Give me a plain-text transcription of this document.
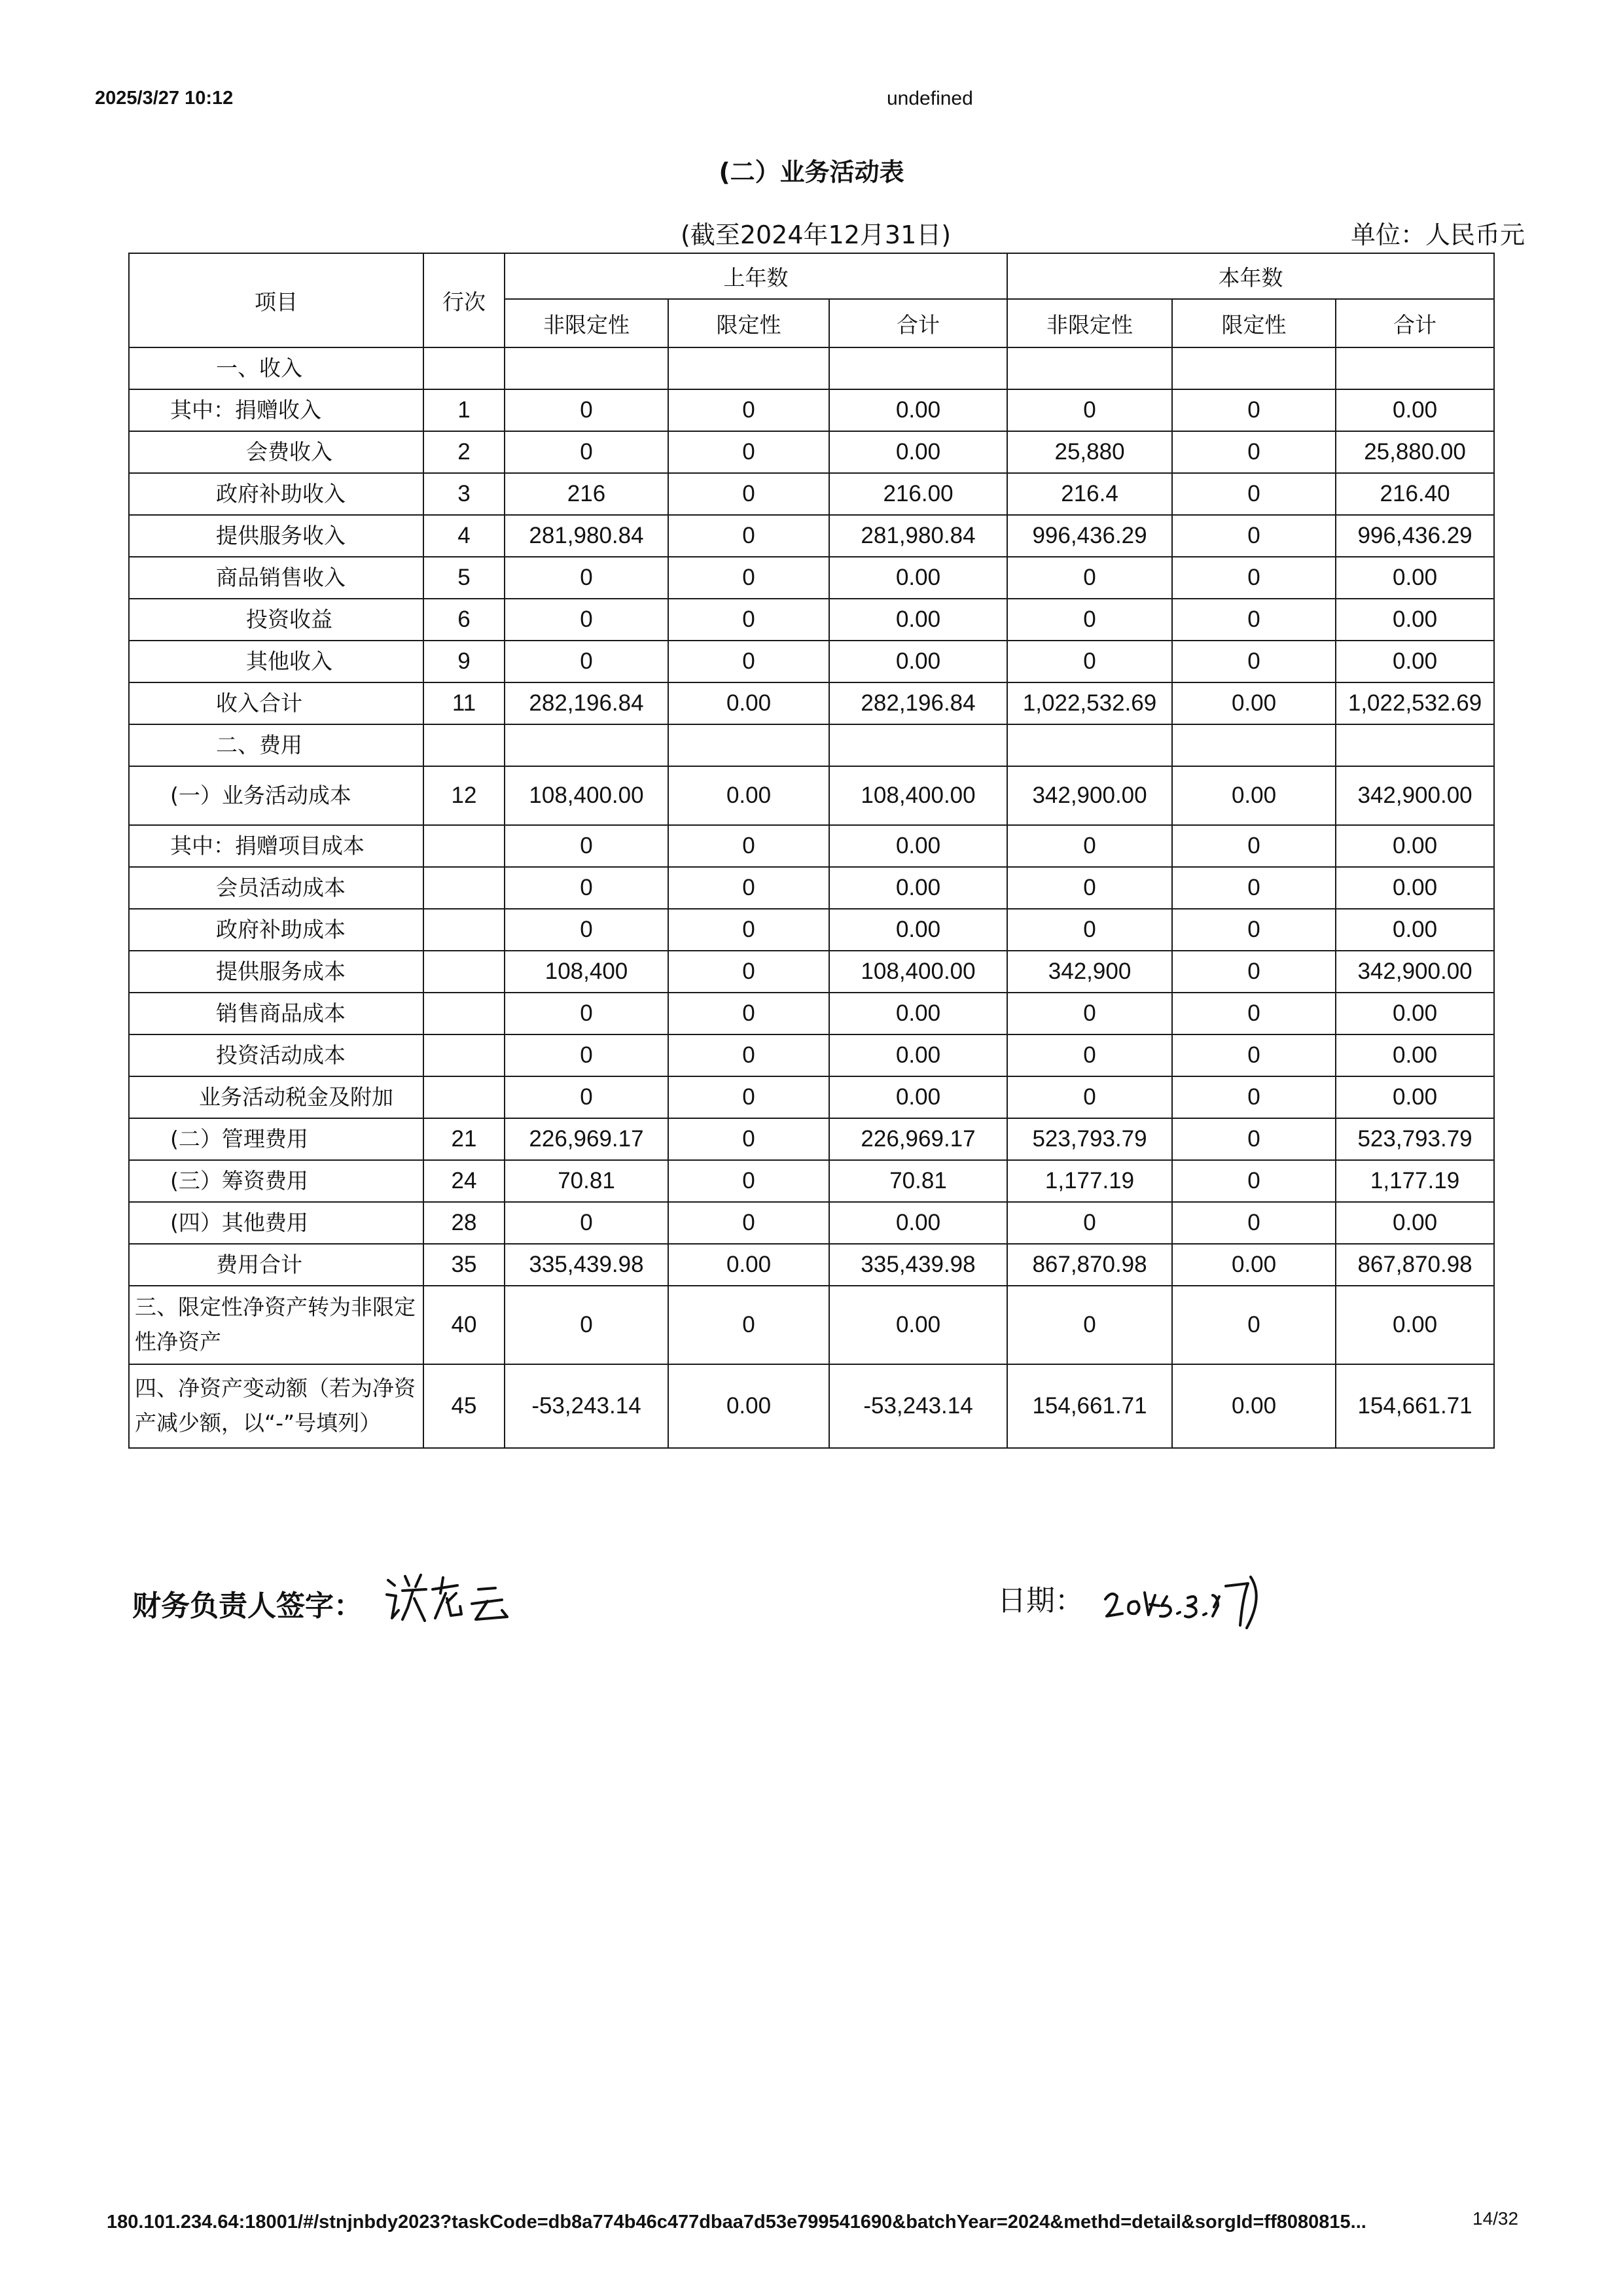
2025/3/27 10:12	undefined
(二）业务活动表
(截至2024年12月31日)	单位：人民币元
项目	行次	上年数			本年数		
		非限定性	限定性	合计	非限定性	限定性	合计
一、收入							
其中：捐赠收入	1	0	0	0.00	0	0	0.00
会费收入	2	0	0	0.00	25,880	0	25,880.00
政府补助收入	3	216	0	216.00	216.4	0	216.40
提供服务收入	4	281,980.84	0	281,980.84	996,436.29	0	996,436.29
商品销售收入	5	0	0	0.00	0	0	0.00
投资收益	6	0	0	0.00	0	0	0.00
其他收入	9	0	0	0.00	0	0	0.00
收入合计	11	282,196.84	0.00	282,196.84	1,022,532.69	0.00	1,022,532.69
二、费用							
(一）业务活动成本	12	108,400.00	0.00	108,400.00	342,900.00	0.00	342,900.00
其中：捐赠项目成本		0	0	0.00	0	0	0.00
会员活动成本		0	0	0.00	0	0	0.00
政府补助成本		0	0	0.00	0	0	0.00
提供服务成本		108,400	0	108,400.00	342,900	0	342,900.00
销售商品成本		0	0	0.00	0	0	0.00
投资活动成本		0	0	0.00	0	0	0.00
业务活动税金及附加		0	0	0.00	0	0	0.00
(二）管理费用	21	226,969.17	0	226,969.17	523,793.79	0	523,793.79
(三）筹资费用	24	70.81	0	70.81	1,177.19	0	1,177.19
(四）其他费用	28	0	0	0.00	0	0	0.00
费用合计	35	335,439.98	0.00	335,439.98	867,870.98	0.00	867,870.98
三、限定性净资产转为非限定性净资产	40	0	0	0.00	0	0	0.00
四、净资产变动额（若为净资产减少额，以“-”号填列）	45	-53,243.14	0.00	-53,243.14	154,661.71	0.00	154,661.71
财务负责人签字：	日期：
180.101.234.64:18001/#/stnjnbdy2023?taskCode=db8a774b46c477dbaa7d53e799541690&batchYear=2024&methd=detail&sorgId=ff8080815...	14/32
